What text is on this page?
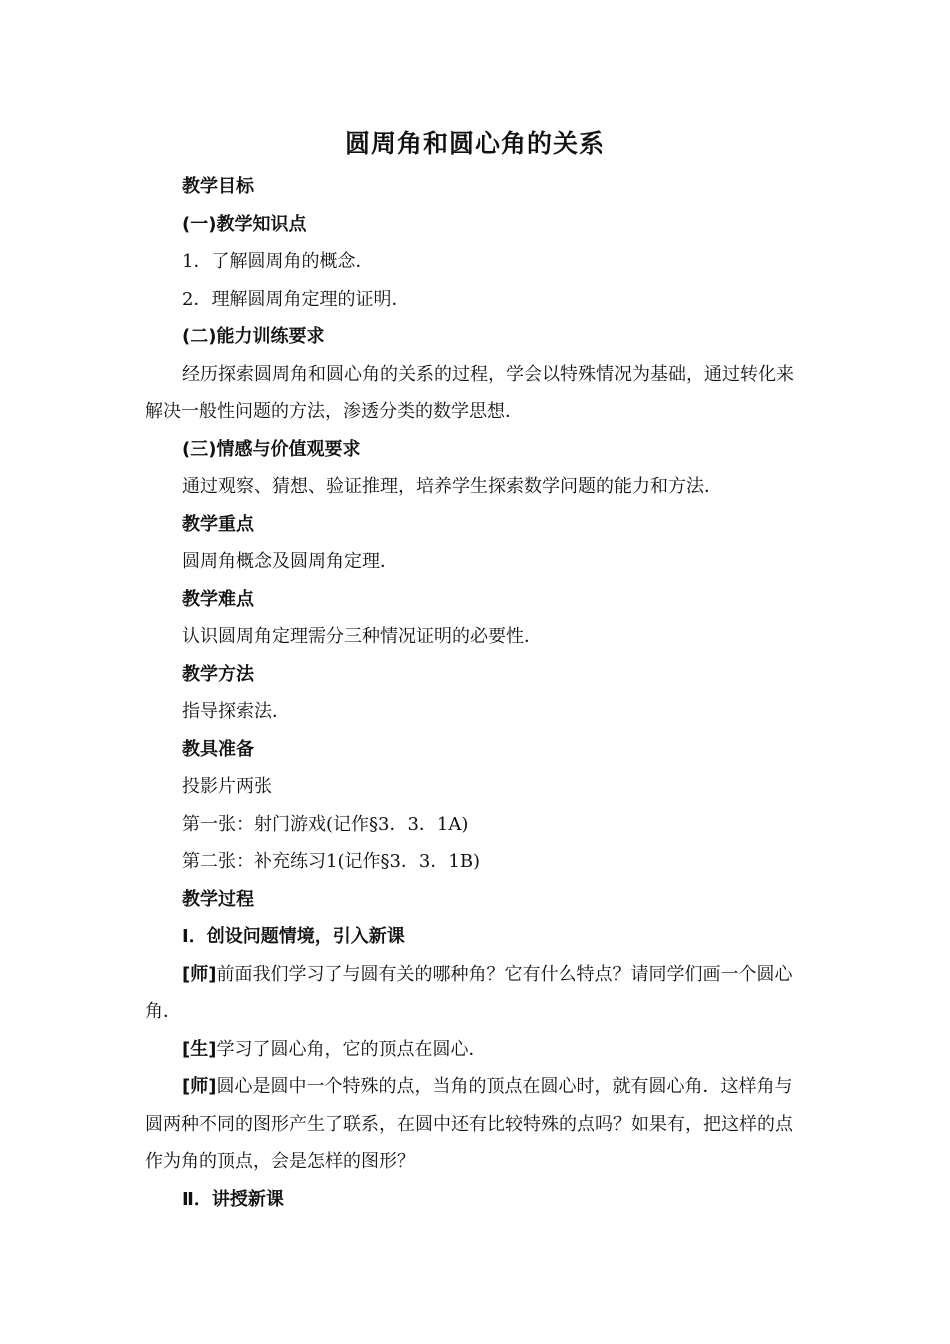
圆周角和圆心角的关系

教学目标

(一)教学知识点

1．了解圆周角的概念．

2．理解圆周角定理的证明．

(二)能力训练要求

经历探索圆周角和圆心角的关系的过程，学会以特殊情况为基础，通过转化来解决一般性问题的方法，渗透分类的数学思想．

(三)情感与价值观要求

通过观察、猜想、验证推理，培养学生探索数学问题的能力和方法．

教学重点

圆周角概念及圆周角定理．

教学难点

认识圆周角定理需分三种情况证明的必要性．

教学方法

指导探索法．

教具准备

投影片两张

第一张：射门游戏(记作§3．3．1A)

第二张：补充练习1(记作§3．3．1B)

教学过程

Ⅰ．创设问题情境，引入新课

[师]前面我们学习了与圆有关的哪种角？它有什么特点？请同学们画一个圆心角．

[生]学习了圆心角，它的顶点在圆心．

[师]圆心是圆中一个特殊的点，当角的顶点在圆心时，就有圆心角．这样角与圆两种不同的图形产生了联系，在圆中还有比较特殊的点吗？如果有，把这样的点作为角的顶点，会是怎样的图形？

Ⅱ．讲授新课
